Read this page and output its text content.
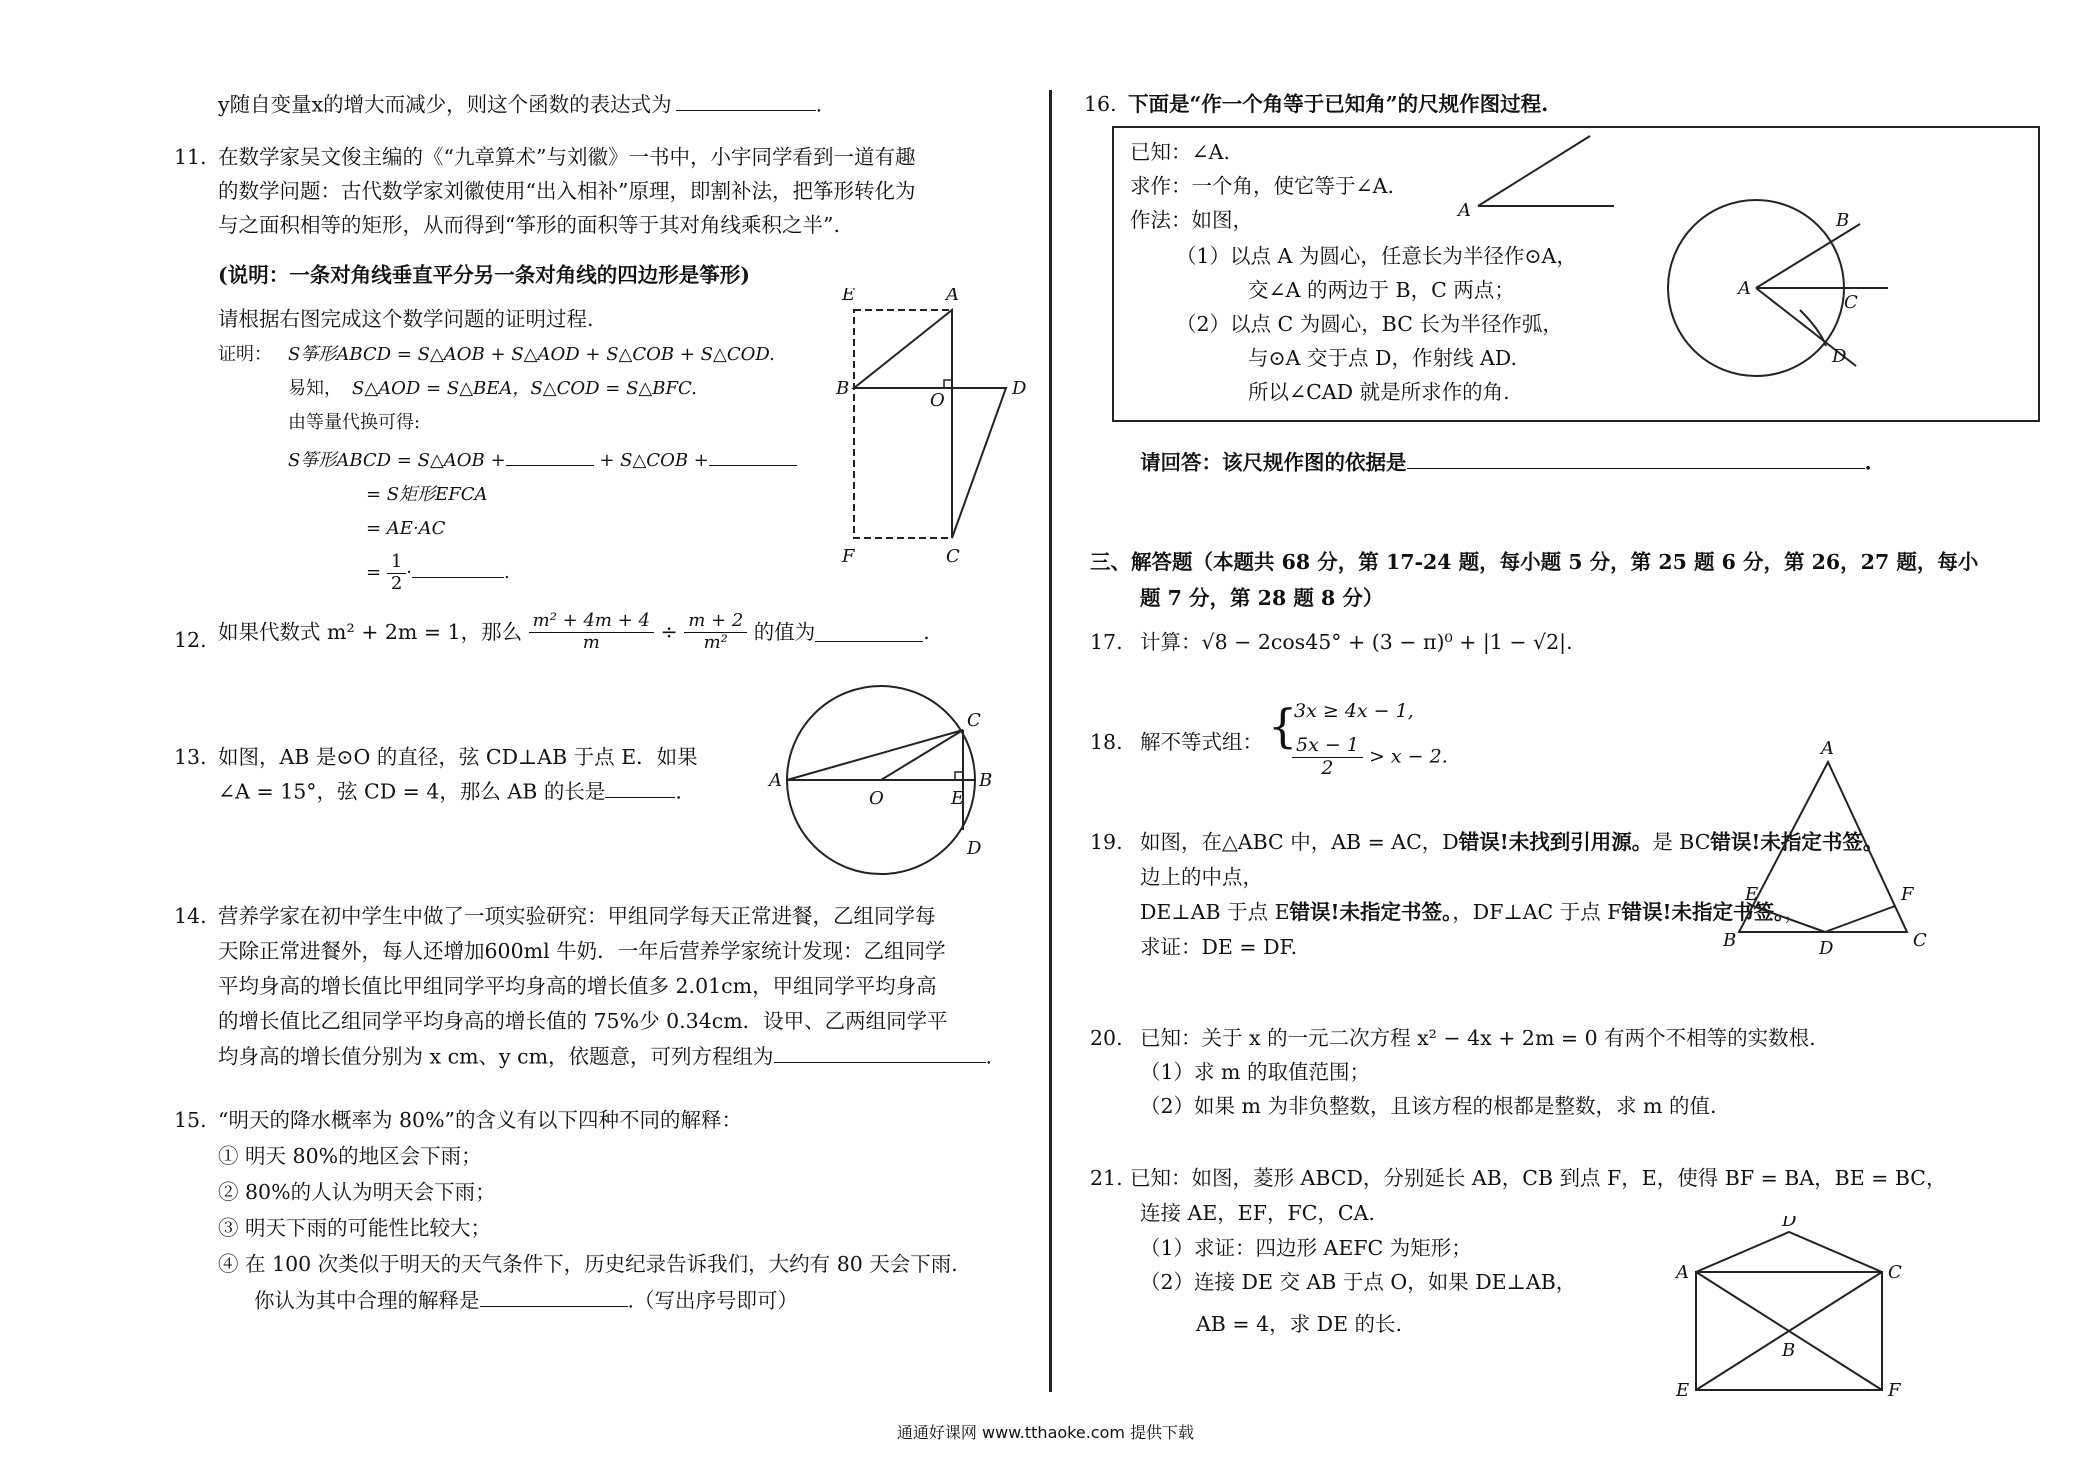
y随自变量x的增大而减少，则这个函数的表达式为	.
11. 在数学家吴文俊主编的《“九章算术”与刘徽》一书中，小宇同学看到一道有趣
的数学问题：古代数学家刘徽使用“出入相补”原理，即割补法，把筝形转化为
与之面积相等的矩形，从而得到“筝形的面积等于其对角线乘积之半”.
(说明：一条对角线垂直平分另一条对角线的四边形是筝形)
请根据右图完成这个数学问题的证明过程.
证明： S筝形ABCD = S△AOB + S△AOD + S△COB + S△COD.
易知， S△AOD = S△BEA，S△COD = S△BFC.
由等量代换可得:
S筝形ABCD = S△AOB +	+ S△COB +
= S矩形EFCA
= AE·AC
= $\frac{1}{2}$ ·	.
E	A
B
O
D
F	C
12. 如果代数式 m² + 2m = 1，那么 $\frac{\text{m² + 4m + 4}}{m} \div \frac{m + 2}{\text{m²}}$ 的值为	.
13. 如图，AB 是⊙O 的直径，弦 CD⊥AB 于点 E．如果
∠A = 15°，弦 CD = 4，那么 AB 的长是	.
C
A
O	E
B
D
14. 营养学家在初中学生中做了一项实验研究：甲组同学每天正常进餐，乙组同学每
天除正常进餐外，每人还增加600ml 牛奶．一年后营养学家统计发现：乙组同学
平均身高的增长值比甲组同学平均身高的增长值多 2.01cm，甲组同学平均身高
的增长值比乙组同学平均身高的增长值的 75%少 0.34cm．设甲、乙两组同学平
均身高的增长值分别为 x cm、y cm，依题意，可列方程组为	.
15. “明天的降水概率为 80%”的含义有以下四种不同的解释：
① 明天 80%的地区会下雨；
② 80%的人认为明天会下雨；
③ 明天下雨的可能性比较大；
④ 在 100 次类似于明天的天气条件下，历史纪录告诉我们，大约有 80 天会下雨.
你认为其中合理的解释是	.（写出序号即可）
16. 下面是“作一个角等于已知角”的尺规作图过程.
已知：∠A.
求作：一个角，使它等于∠A.
作法：如图，
（1）以点 A 为圆心，任意长为半径作⊙A，
交∠A 的两边于 B，C 两点；
（2）以点 C 为圆心，BC 长为半径作弧，
与⊙A 交于点 D，作射线 AD.
所以∠CAD 就是所求作的角.
A	B
A
C
D
请回答：该尺规作图的依据是	.
三、解答题（本题共 68 分，第 17-24 题，每小题 5 分，第 25 题 6 分，第 26，27 题，每小
题 7 分，第 28 题 8 分）
17. 计算：√8 − 2cos45° + (3 − π)⁰ + |1 − √2|.
18. 解不等式组： {
3x ≥ 4x − 1,
$\frac{5x - 1}{2} > x - 2$.
19. 如图，在△ABC 中，AB = AC，D错误!未找到引用源。是 BC错误!未指定书签。
边上的中点，
DE⊥AB 于点 E错误!未指定书签。，DF⊥AC 于点 F错误!未指定书签。，
求证：DE = DF.
A
E	F
B	D	C
20. 已知：关于 x 的一元二次方程 x² − 4x + 2m = 0 有两个不相等的实数根.
（1）求 m 的取值范围；
（2）如果 m 为非负整数，且该方程的根都是整数，求 m 的值.
21. 已知：如图，菱形 ABCD，分别延长 AB，CB 到点 F，E，使得 BF = BA，BE = BC，
连接 AE，EF，FC，CA.
（1）求证：四边形 AEFC 为矩形；
（2）连接 DE 交 AB 于点 O，如果 DE⊥AB，
AB = 4，求 DE 的长.
D
A	C
B
E	F
通通好课网 www.tthaoke.com 提供下载
